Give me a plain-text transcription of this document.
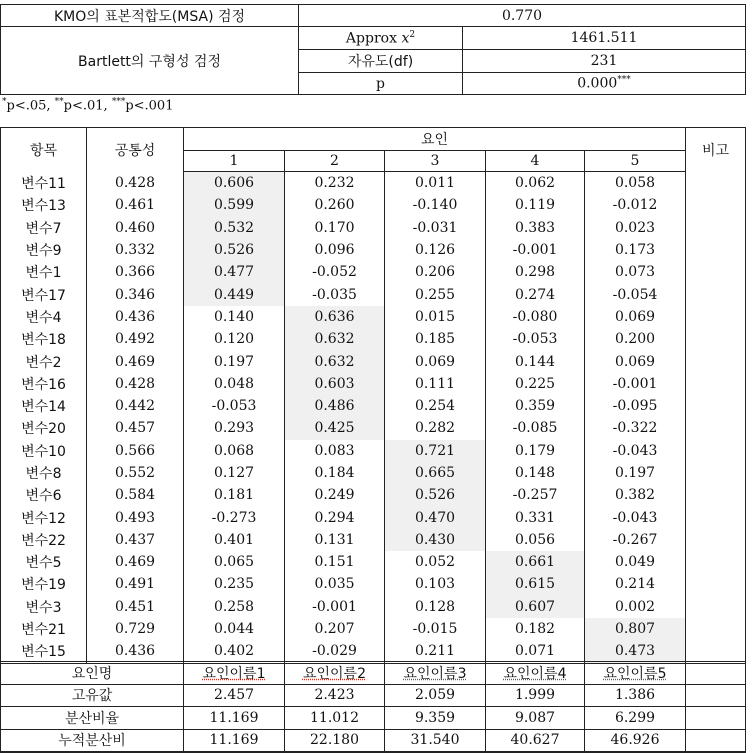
KMO의 표본적합도(MSA) 검정	0.770	
Bartlett의 구형성 검정	Approx $x^2$	1461.511
	자유도(df)	231
	p	0.000***
*p<.05, **p<.01, ***p<.001
항목	공통성	요인					비고
		1	2	3	4	5	
변수11	0.428	0.606	0.232	0.011	0.062	0.058	
변수13	0.461	0.599	0.260	-0.140	0.119	-0.012	
변수7	0.460	0.532	0.170	-0.031	0.383	0.023	
변수9	0.332	0.526	0.096	0.126	-0.001	0.173	
변수1	0.366	0.477	-0.052	0.206	0.298	0.073	
변수17	0.346	0.449	-0.035	0.255	0.274	-0.054	
변수4	0.436	0.140	0.636	0.015	-0.080	0.069	
변수18	0.492	0.120	0.632	0.185	-0.053	0.200	
변수2	0.469	0.197	0.632	0.069	0.144	0.069	
변수16	0.428	0.048	0.603	0.111	0.225	-0.001	
변수14	0.442	-0.053	0.486	0.254	0.359	-0.095	
변수20	0.457	0.293	0.425	0.282	-0.085	-0.322	
변수10	0.566	0.068	0.083	0.721	0.179	-0.043	
변수8	0.552	0.127	0.184	0.665	0.148	0.197	
변수6	0.584	0.181	0.249	0.526	-0.257	0.382	
변수12	0.493	-0.273	0.294	0.470	0.331	-0.043	
변수22	0.437	0.401	0.131	0.430	0.056	-0.267	
변수5	0.469	0.065	0.151	0.052	0.661	0.049	
변수19	0.491	0.235	0.035	0.103	0.615	0.214	
변수3	0.451	0.258	-0.001	0.128	0.607	0.002	
변수21	0.729	0.044	0.207	-0.015	0.182	0.807	
변수15	0.436	0.402	-0.029	0.211	0.071	0.473	
요인명	요인이름1	요인이름2	요인이름3	요인이름4	요인이름5	
고유값	2.457	2.423	2.059	1.999	1.386	
분산비율	11.169	11.012	9.359	9.087	6.299	
누적분산비	11.169	22.180	31.540	40.627	46.926	
